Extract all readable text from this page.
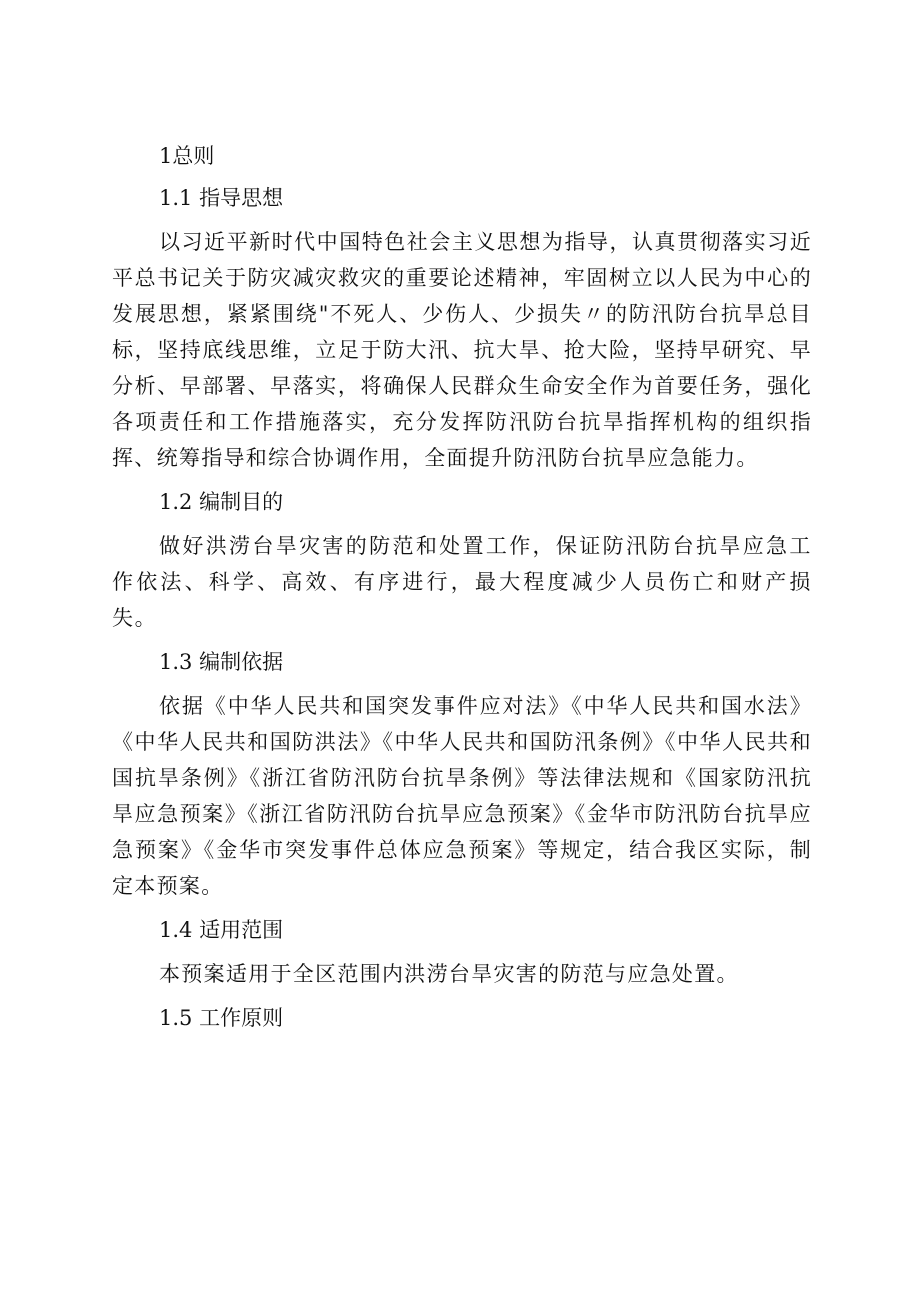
1总则
1.1 指导思想
以习近平新时代中国特色社会主义思想为指导，认真贯彻落实习近平总书记关于防灾减灾救灾的重要论述精神，牢固树立以人民为中心的发展思想，紧紧围绕"不死人、少伤人、少损失〃的防汛防台抗旱总目标，坚持底线思维，立足于防大汛、抗大旱、抢大险，坚持早研究、早分析、早部署、早落实，将确保人民群众生命安全作为首要任务，强化各项责任和工作措施落实，充分发挥防汛防台抗旱指挥机构的组织指挥、统筹指导和综合协调作用，全面提升防汛防台抗旱应急能力。
1.2 编制目的
做好洪涝台旱灾害的防范和处置工作，保证防汛防台抗旱应急工作依法、科学、高效、有序进行，最大程度减少人员伤亡和财产损失。
1.3 编制依据
依据《中华人民共和国突发事件应对法》《中华人民共和国水法》《中华人民共和国防洪法》《中华人民共和国防汛条例》《中华人民共和国抗旱条例》《浙江省防汛防台抗旱条例》等法律法规和《国家防汛抗旱应急预案》《浙江省防汛防台抗旱应急预案》《金华市防汛防台抗旱应急预案》《金华市突发事件总体应急预案》等规定，结合我区实际，制定本预案。
1.4 适用范围
本预案适用于全区范围内洪涝台旱灾害的防范与应急处置。
1.5 工作原则
